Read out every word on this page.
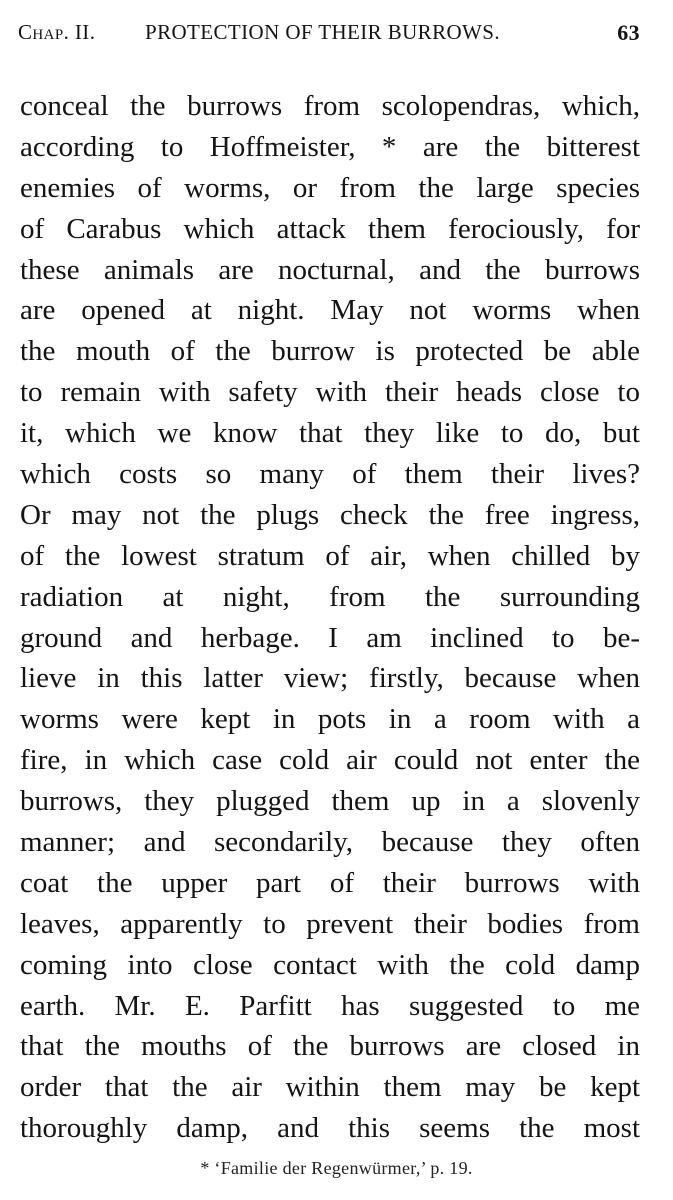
Chap. II. PROTECTION OF THEIR BURROWS.	63
conceal the burrows from scolopendras, which,
according to Hoffmeister, * are the bitterest
enemies of worms, or from the large species
of Carabus which attack them ferociously, for
these animals are nocturnal, and the burrows
are opened at night. May not worms when
the mouth of the burrow is protected be able
to remain with safety with their heads close to
it, which we know that they like to do, but
which costs so many of them their lives?
Or may not the plugs check the free ingress,
of the lowest stratum of air, when chilled by
radiation at night, from the surrounding
ground and herbage. I am inclined to be-
lieve in this latter view; firstly, because when
worms were kept in pots in a room with a
fire, in which case cold air could not enter the
burrows, they plugged them up in a slovenly
manner; and secondarily, because they often
coat the upper part of their burrows with
leaves, apparently to prevent their bodies from
coming into close contact with the cold damp
earth. Mr. E. Parfitt has suggested to me
that the mouths of the burrows are closed in
order that the air within them may be kept
thoroughly damp, and this seems the most
* ‘Familie der Regenwürmer,’ p. 19.
